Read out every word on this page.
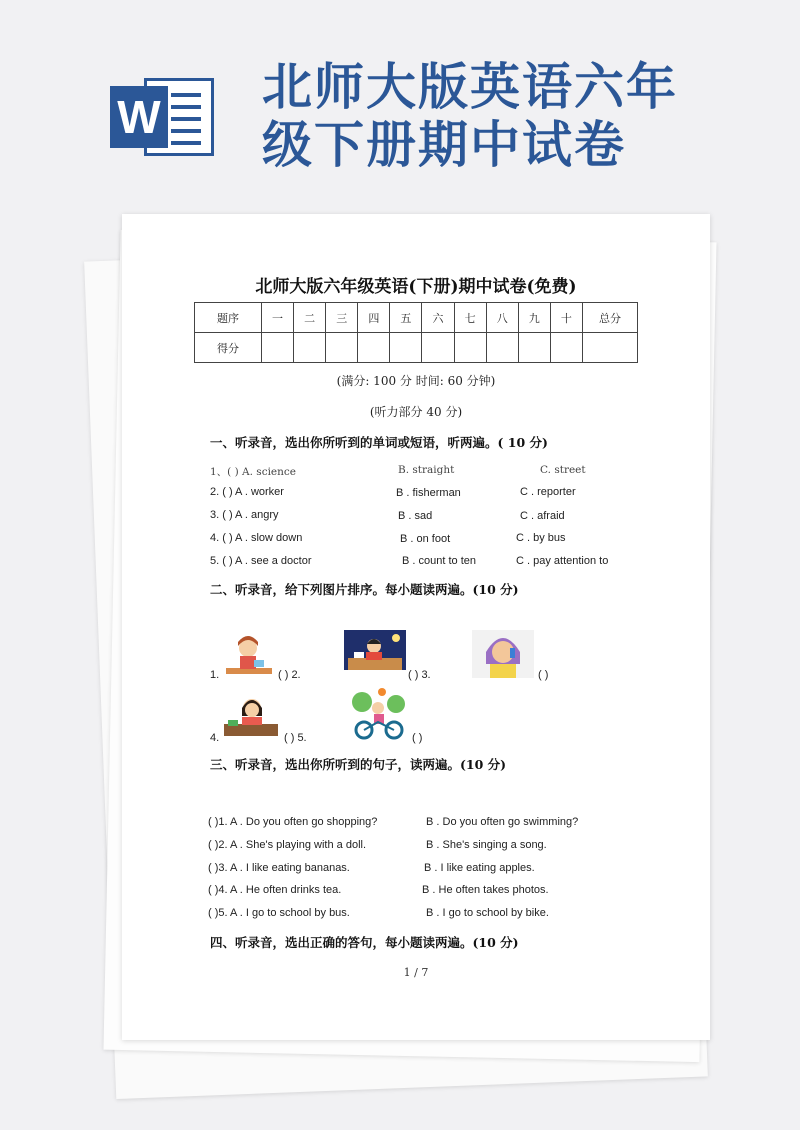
W
北师大版英语六年级下册期中试卷
北师大版六年级英语(下册)期中试卷(免费)
题序	一	二	三	四	五	六	七	八	九	十	总分
得分											
(满分: 100 分 时间: 60 分钟)
(听力部分 40 分)
一、听录音，选出你所听到的单词或短语，听两遍。( 10 分)
1、( ) A. science	B. straight	C. street
2. ( ) A . worker	B . fisherman	C . reporter
3. ( ) A . angry	B . sad	C . afraid
4. ( ) A . slow down	B . on foot	C . by bus
5. ( ) A . see a doctor	B . count to ten	C . pay attention to
二、听录音，给下列图片排序。每小题读两遍。(10 分)
1.	( ) 2.	( ) 3.	( )
4.	( ) 5.	( )
三、听录音，选出你所听到的句子，读两遍。(10 分)
( )1. A . Do you often go shopping?	B . Do you often go swimming?
( )2. A . She's playing with a doll.	B . She's singing a song.
( )3. A . I like eating bananas.	B . I like eating apples.
( )4. A . He often drinks tea.	B . He often takes photos.
( )5. A . I go to school by bus.	B . I go to school by bike.
四、听录音，选出正确的答句，每小题读两遍。(10 分)
1 / 7
